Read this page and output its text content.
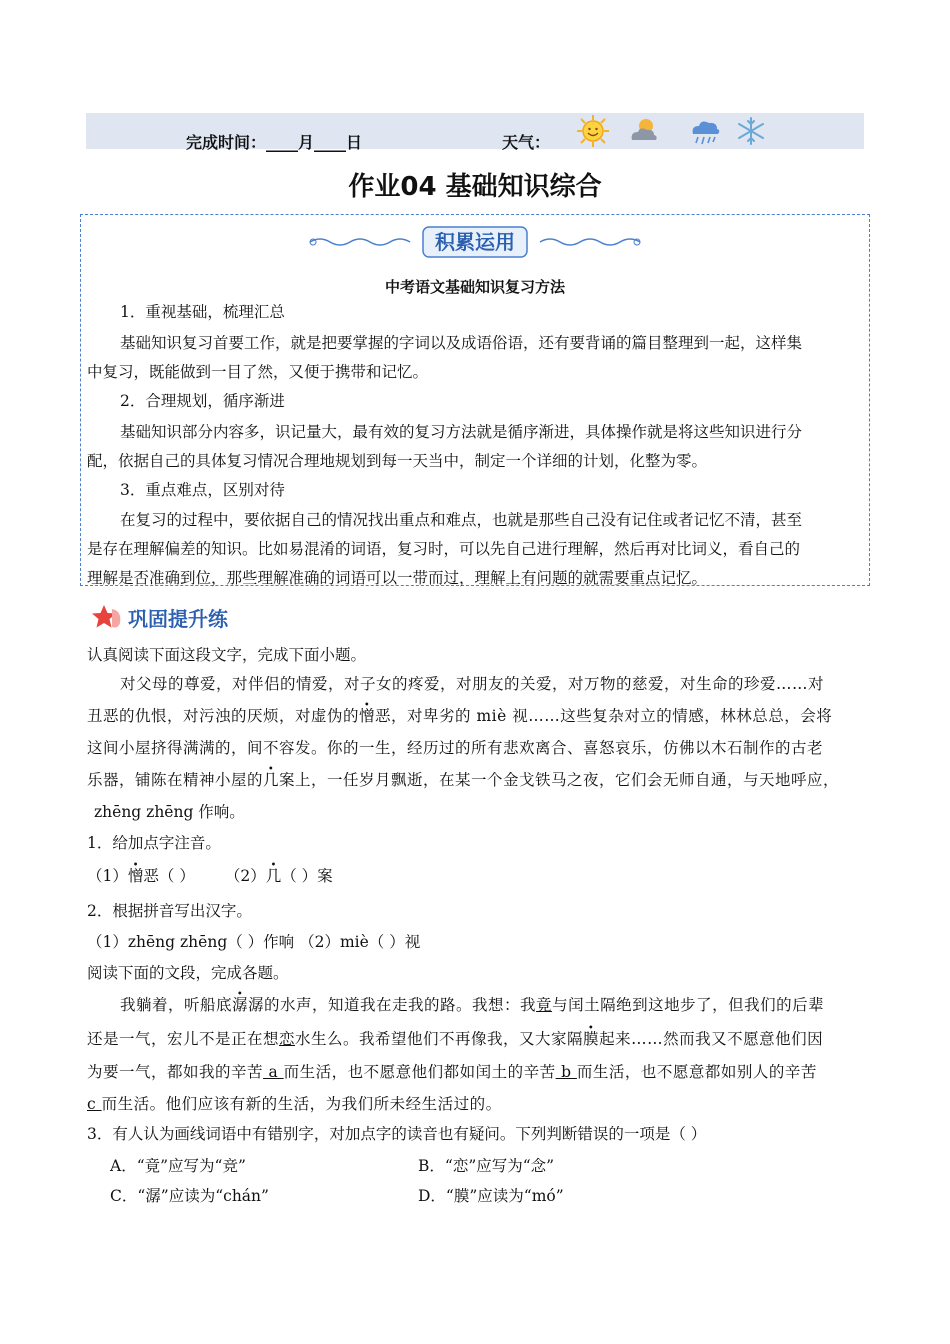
完成时间：____月____日	天气：
作业04 基础知识综合
积累运用
中考语文基础知识复习方法
1．重视基础，梳理汇总
基础知识复习首要工作，就是把要掌握的字词以及成语俗语，还有要背诵的篇目整理到一起，这样集
中复习，既能做到一目了然，又便于携带和记忆。
2．合理规划，循序渐进
基础知识部分内容多，识记量大，最有效的复习方法就是循序渐进，具体操作就是将这些知识进行分
配，依据自己的具体复习情况合理地规划到每一天当中，制定一个详细的计划，化整为零。
3．重点难点，区别对待
在复习的过程中，要依据自己的情况找出重点和难点，也就是那些自己没有记住或者记忆不清，甚至
是存在理解偏差的知识。比如易混淆的词语，复习时，可以先自己进行理解，然后再对比词义，看自己的
理解是否准确到位，那些理解准确的词语可以一带而过，理解上有问题的就需要重点记忆。
巩固提升练
认真阅读下面这段文字，完成下面小题。
对父母的尊爱，对伴侣的情爱，对子女的疼爱，对朋友的关爱，对万物的慈爱，对生命的珍爱……对
丑恶的仇恨，对污浊的厌烦，对虚伪的憎恶，对卑劣的 miè 视……这些复杂对立的情感，林林总总，会将
这间小屋挤得满满的，间不容发。你的一生，经历过的所有悲欢离合、喜怒哀乐，仿佛以木石制作的古老
乐器，铺陈在精神小屋的几案上，一任岁月飘逝，在某一个金戈铁马之夜，它们会无师自通，与天地呼应，
zhēng zhēng 作响。
1．给加点字注音。
（1）憎恶（ ） （2）几（ ）案
2．根据拼音写出汉字。
（1）zhēng zhēng（ ）作响 （2）miè（ ）视
阅读下面的文段，完成各题。
我躺着，听船底潺潺的水声，知道我在走我的路。我想：我竟与闰土隔绝到这地步了，但我们的后辈
还是一气，宏儿不是正在想恋水生么。我希望他们不再像我，又大家隔膜起来……然而我又不愿意他们因
为要一气，都如我的辛苦 a 而生活，也不愿意他们都如闰土的辛苦 b 而生活，也不愿意都如别人的辛苦
c 而生活。他们应该有新的生活，为我们所未经生活过的。
3．有人认为画线词语中有错别字，对加点字的读音也有疑问。下列判断错误的一项是（ ）
A．“竟”应写为“竞”	B．“恋”应写为“念”
C．“潺”应读为“chán”	D．“膜”应读为“mó”
